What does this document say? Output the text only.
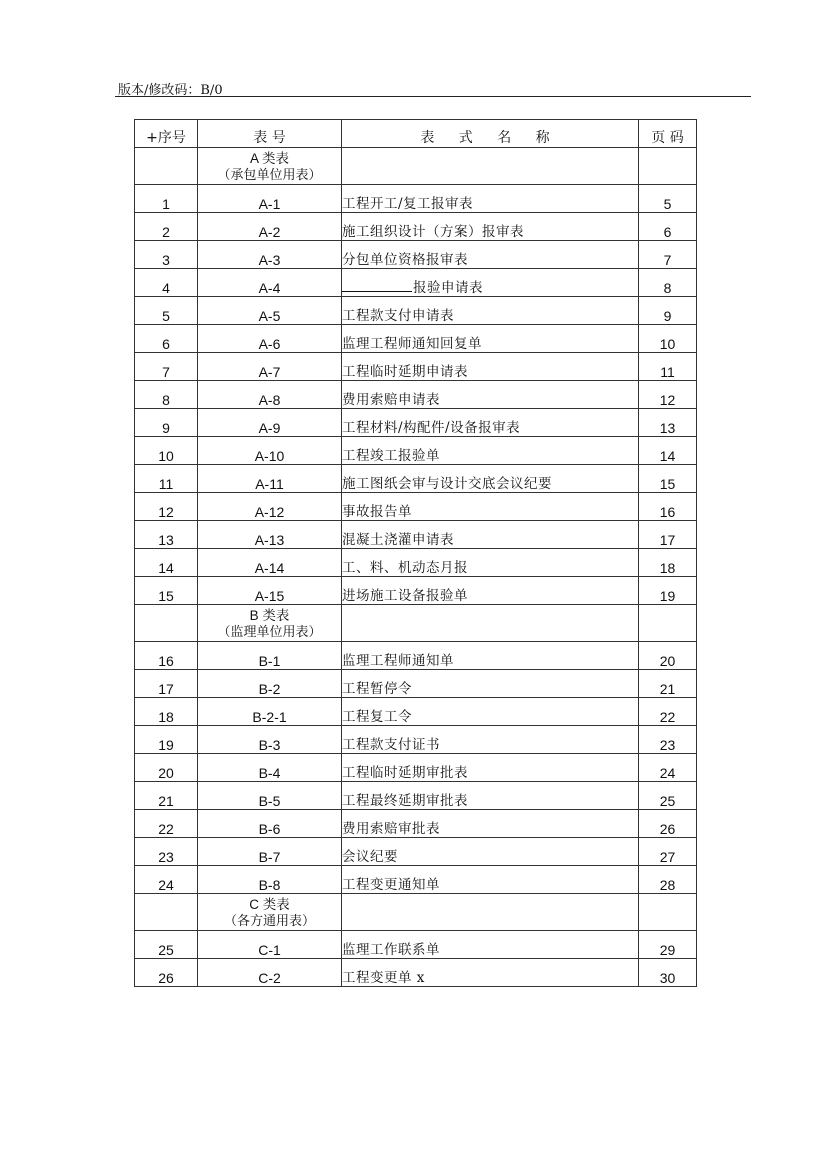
版本/修改码：B/0
+序号	表 号	表 式 名 称	页 码

	A 类表
（承包单位用表）		

1	A-1	工程开工/复工报审表	5
2	A-2	施工组织设计（方案）报审表	6
3	A-3	分包单位资格报审表	7
4	A-4	报验申请表	8
5	A-5	工程款支付申请表	9
6	A-6	监理工程师通知回复单	10
7	A-7	工程临时延期申请表	11
8	A-8	费用索赔申请表	12
9	A-9	工程材料/构配件/设备报审表	13
10	A-10	工程竣工报验单	14
11	A-11	施工图纸会审与设计交底会议纪要	15
12	A-12	事故报告单	16
13	A-13	混凝土浇灌申请表	17
14	A-14	工、料、机动态月报	18
15	A-15	进场施工设备报验单	19

	B 类表
（监理单位用表）		

16	B-1	监理工程师通知单	20
17	B-2	工程暂停令	21
18	B-2-1	工程复工令	22
19	B-3	工程款支付证书	23
20	B-4	工程临时延期审批表	24
21	B-5	工程最终延期审批表	25
22	B-6	费用索赔审批表	26
23	B-7	会议纪要	27
24	B-8	工程变更通知单	28

	C 类表
（各方通用表）		

25	C-1	监理工作联系单	29
26	C-2	工程变更单 x	30
